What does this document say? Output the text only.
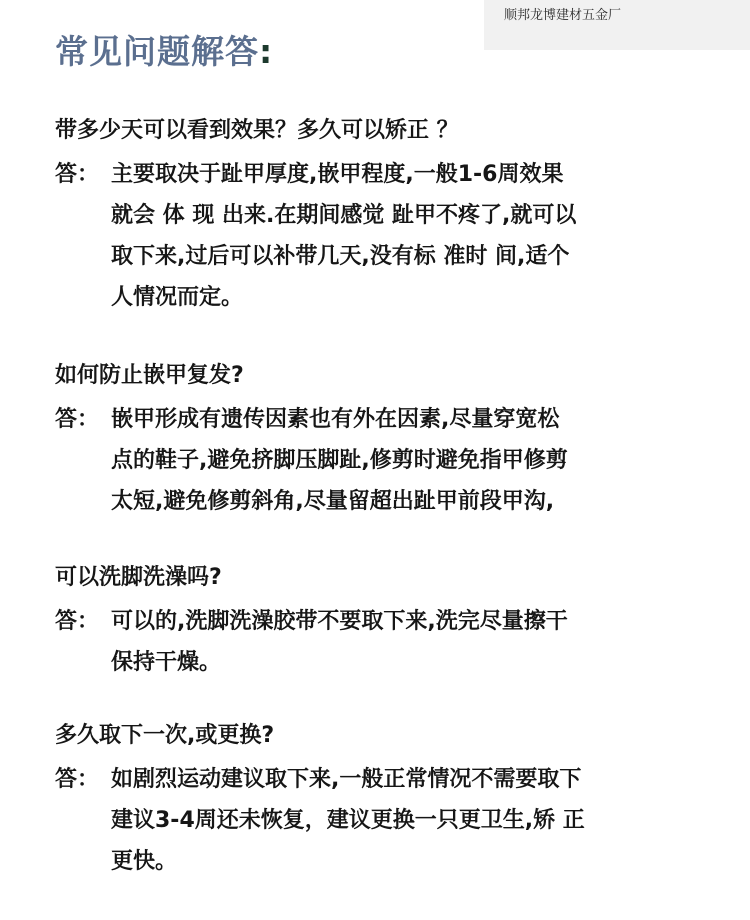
顺邦龙博建材五金厂
常见问题解答:
带多少天可以看到效果？多久可以矫正 ？
答： 主要取决于趾甲厚度,嵌甲程度,一般1-6周效果
就会 体 现 出来.在期间感觉 趾甲不疼了,就可以
取下来,过后可以补带几天,没有标 准时 间,适个
人情况而定。
如何防止嵌甲复发?
答： 嵌甲形成有遗传因素也有外在因素,尽量穿宽松
点的鞋子,避免挤脚压脚趾,修剪时避免指甲修剪
太短,避免修剪斜角,尽量留超出趾甲前段甲沟,
可以洗脚洗澡吗?
答： 可以的,洗脚洗澡胶带不要取下来,洗完尽量擦干
保持干燥。
多久取下一次,或更换?
答： 如剧烈运动建议取下来,一般正常情况不需要取下
建议3-4周还未恢复，建议更换一只更卫生,矫 正
更快。
